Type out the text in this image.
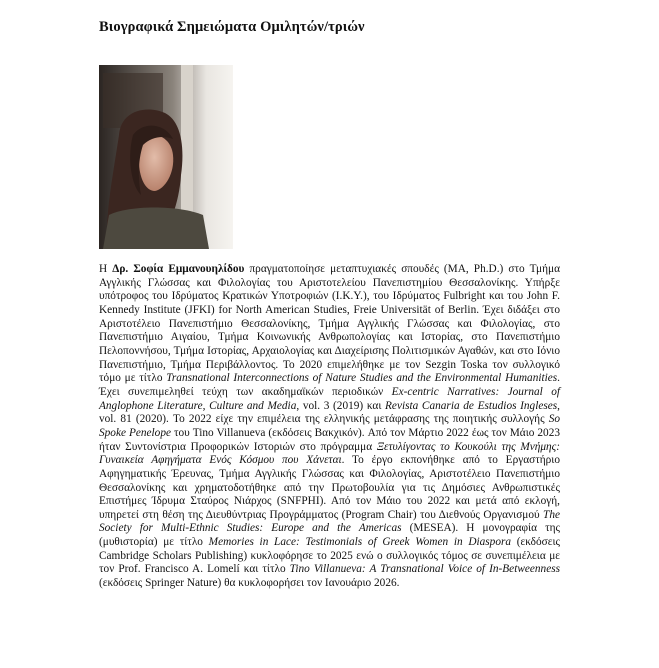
Βιογραφικά Σημειώματα Ομιλητών/τριών
Η Δρ. Σοφία Εμμανουηλίδου πραγματοποίησε μεταπτυχιακές σπουδές (MA, Ph.D.) στο Τμήμα Αγγλικής Γλώσσας και Φιλολογίας του Αριστοτελείου Πανεπιστημίου Θεσσαλονίκης. Υπήρξε υπότροφος του Ιδρύματος Κρατικών Υποτροφιών (Ι.Κ.Υ.), του Ιδρύματος Fulbright και του John F. Kennedy Institute (JFKI) for North American Studies, Freie Universität of Berlin. Έχει διδάξει στο Αριστοτέλειο Πανεπιστήμιο Θεσσαλονίκης, Τμήμα Αγγλικής Γλώσσας και Φιλολογίας, στο Πανεπιστήμιο Αιγαίου, Τμήμα Κοινωνικής Ανθρωπολογίας και Ιστορίας, στο Πανεπιστήμιο Πελοποννήσου, Τμήμα Ιστορίας, Αρχαιολογίας και Διαχείρισης Πολιτισμικών Αγαθών, και στο Ιόνιο Πανεπιστήμιο, Τμήμα Περιβάλλοντος. Το 2020 επιμελήθηκε με τον Sezgin Toska τον συλλογικό τόμο με τίτλο Transnational Interconnections of Nature Studies and the Environmental Humanities. Έχει συνεπιμεληθεί τεύχη των ακαδημαϊκών περιοδικών Ex-centric Narratives: Journal of Anglophone Literature, Culture and Media, vol. 3 (2019) και Revista Canaria de Estudios Ingleses, vol. 81 (2020). Το 2022 είχε την επιμέλεια της ελληνικής μετάφρασης της ποιητικής συλλογής So Spoke Penelope του Tino Villanueva (εκδόσεις Βακχικόν). Από τον Μάρτιο 2022 έως τον Μάιο 2023 ήταν Συντονίστρια Προφορικών Ιστοριών στο πρόγραμμα Ξετυλίγοντας το Κουκούλι της Μνήμης: Γυναικεία Αφηγήματα Ενός Κόσμου που Χάνεται. Το έργο εκπονήθηκε από το Εργαστήριο Αφηγηματικής Έρευνας, Τμήμα Αγγλικής Γλώσσας και Φιλολογίας, Αριστοτέλειο Πανεπιστήμιο Θεσσαλονίκης και χρηματοδοτήθηκε από την Πρωτοβουλία για τις Δημόσιες Ανθρωπιστικές Επιστήμες Ίδρυμα Σταύρος Νιάρχος (SNFPHI). Από τον Μάιο του 2022 και μετά από εκλογή, υπηρετεί στη θέση της Διευθύντριας Προγράμματος (Program Chair) του Διεθνούς Οργανισμού The Society for Multi-Ethnic Studies: Europe and the Americas (MESEA). Η μονογραφία της (μυθιστορία) με τίτλο Memories in Lace: Testimonials of Greek Women in Diaspora (εκδόσεις Cambridge Scholars Publishing) κυκλοφόρησε το 2025 ενώ ο συλλογικός τόμος σε συνεπιμέλεια με τον Prof. Francisco A. Lomelí και τίτλο Tino Villanueva: A Transnational Voice of In-Betweenness (εκδόσεις Springer Nature) θα κυκλοφορήσει τον Ιανουάριο 2026.
